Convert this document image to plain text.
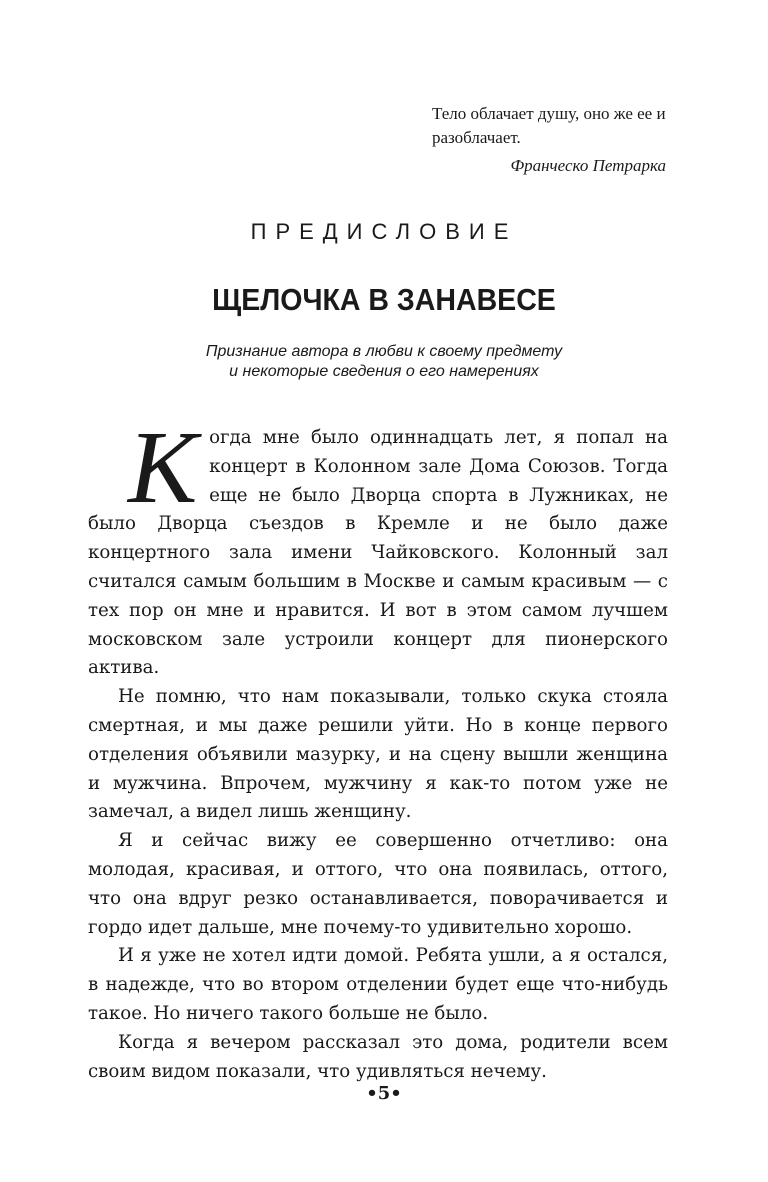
Тело облачает душу, оно же ее и разоблачает.

Франческо Петрарка

ПРЕДИСЛОВИЕ
ЩЕЛОЧКА В ЗАНАВЕСЕ
Признание автора в любви к своему предмету
и некоторые сведения о его намерениях

Когда мне было одиннадцать лет, я попал на концерт в Колонном зале Дома Союзов. Тогда еще не было Дворца спорта в Лужниках, не было Дворца съездов в Кремле и не было даже концертного зала имени Чайковского. Колонный зал считался самым большим в Москве и самым красивым — с тех пор он мне и нравится. И вот в этом самом лучшем московском зале устроили концерт для пионерского актива.

Не помню, что нам показывали, только скука стояла смертная, и мы даже решили уйти. Но в конце первого отделения объявили мазурку, и на сцену вышли женщина и мужчина. Впрочем, мужчину я как-то потом уже не замечал, а видел лишь женщину.

Я и сейчас вижу ее совершенно отчетливо: она молодая, красивая, и оттого, что она появилась, оттого, что она вдруг резко останавливается, поворачивается и гордо идет дальше, мне почему-то удивительно хорошо.

И я уже не хотел идти домой. Ребята ушли, а я остался, в надежде, что во втором отделении будет еще что-нибудь такое. Но ничего такого больше не было.

Когда я вечером рассказал это дома, родители всем своим видом показали, что удивляться нечему.

•5•
